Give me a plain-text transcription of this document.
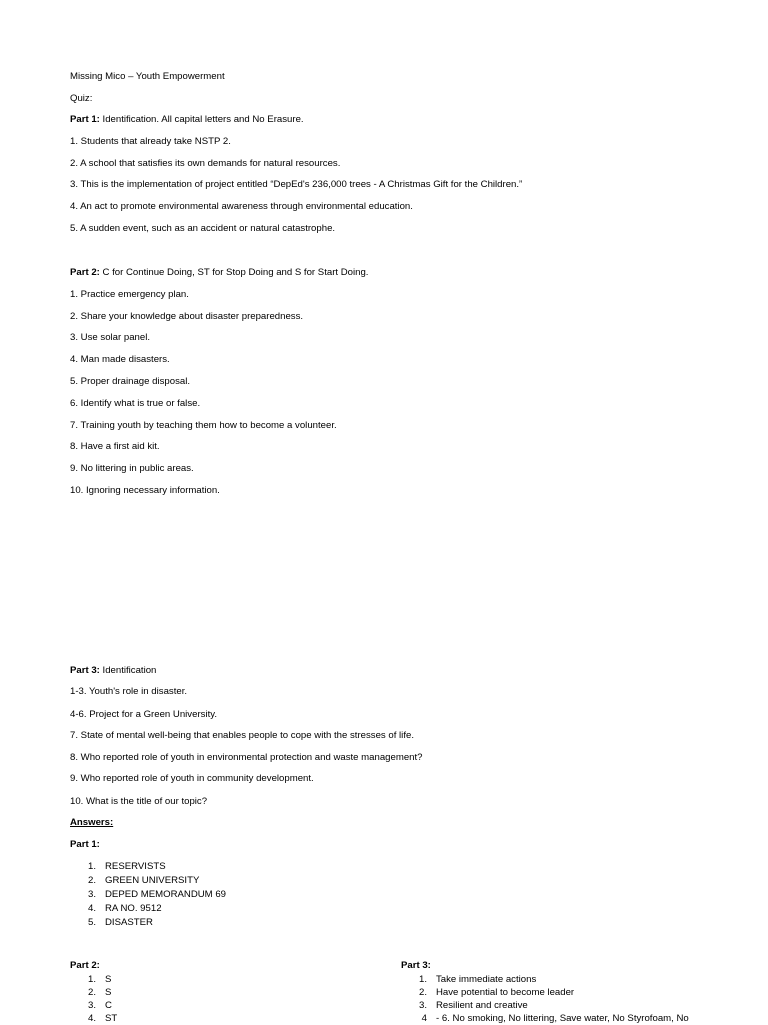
Missing Mico – Youth Empowerment
Quiz:
Part 1: Identification. All capital letters and No Erasure.
1. Students that already take NSTP 2.
2. A school that satisfies its own demands for natural resources.
3. This is the implementation of project entitled “DepEd's 236,000 trees - A Christmas Gift for the Children.”
4. An act to promote environmental awareness through environmental education.
5. A sudden event, such as an accident or natural catastrophe.
Part 2: C for Continue Doing, ST for Stop Doing and S for Start Doing.
1. Practice emergency plan.
2. Share your knowledge about disaster preparedness.
3. Use solar panel.
4. Man made disasters.
5. Proper drainage disposal.
6. Identify what is true or false.
7. Training youth by teaching them how to become a volunteer.
8. Have a first aid kit.
9. No littering in public areas.
10. Ignoring necessary information.
Part 3: Identification
1-3. Youth's role in disaster.
4-6. Project for a Green University.
7. State of mental well-being that enables people to cope with the stresses of life.
8. Who reported role of youth in environmental protection and waste management?
9. Who reported role of youth in community development.
10. What is the title of our topic?
Answers:
Part 1:
1. RESERVISTS
2. GREEN UNIVERSITY
3. DEPED MEMORANDUM 69
4. RA NO. 9512
5. DISASTER
Part 2:
1. S
2. S
3. C
4. ST
Part 3:
1. Take immediate actions
2. Have potential to become leader
3. Resilient and creative
4 - 6. No smoking, No littering, Save water, No Styrofoam, No
